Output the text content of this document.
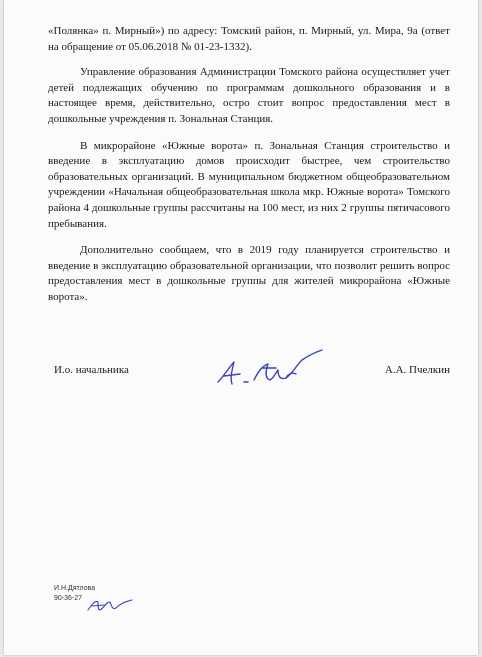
«Полянка» п. Мирный») по адресу: Томский район, п. Мирный, ул. Мира, 9а (ответ на обращение от 05.06.2018 № 01-23-1332).

Управление образования Администрации Томского района осуществляет учет детей подлежащих обучению по программам дошкольного образования и в настоящее время, действительно, остро стоит вопрос предоставления мест в дошкольные учреждения п. Зональная Станция.

В микрорайоне «Южные ворота» п. Зональная Станция строительство и введение в эксплуатацию домов происходит быстрее, чем строительство образовательных организаций. В муниципальном бюджетном общеобразовательном учреждении «Начальная общеобразовательная школа мкр. Южные ворота» Томского района 4 дошкольные группы рассчитаны на 100 мест, из них 2 группы пятичасового пребывания.

Дополнительно сообщаем, что в 2019 году планируется строительство и введение в эксплуатацию образовательной организации, что позволит решить вопрос предоставления мест в дошкольные группы для жителей микрорайона «Южные ворота».

И.о. начальника	А.А. Пчелкин
И.Н.Дятлова
90-36-27
